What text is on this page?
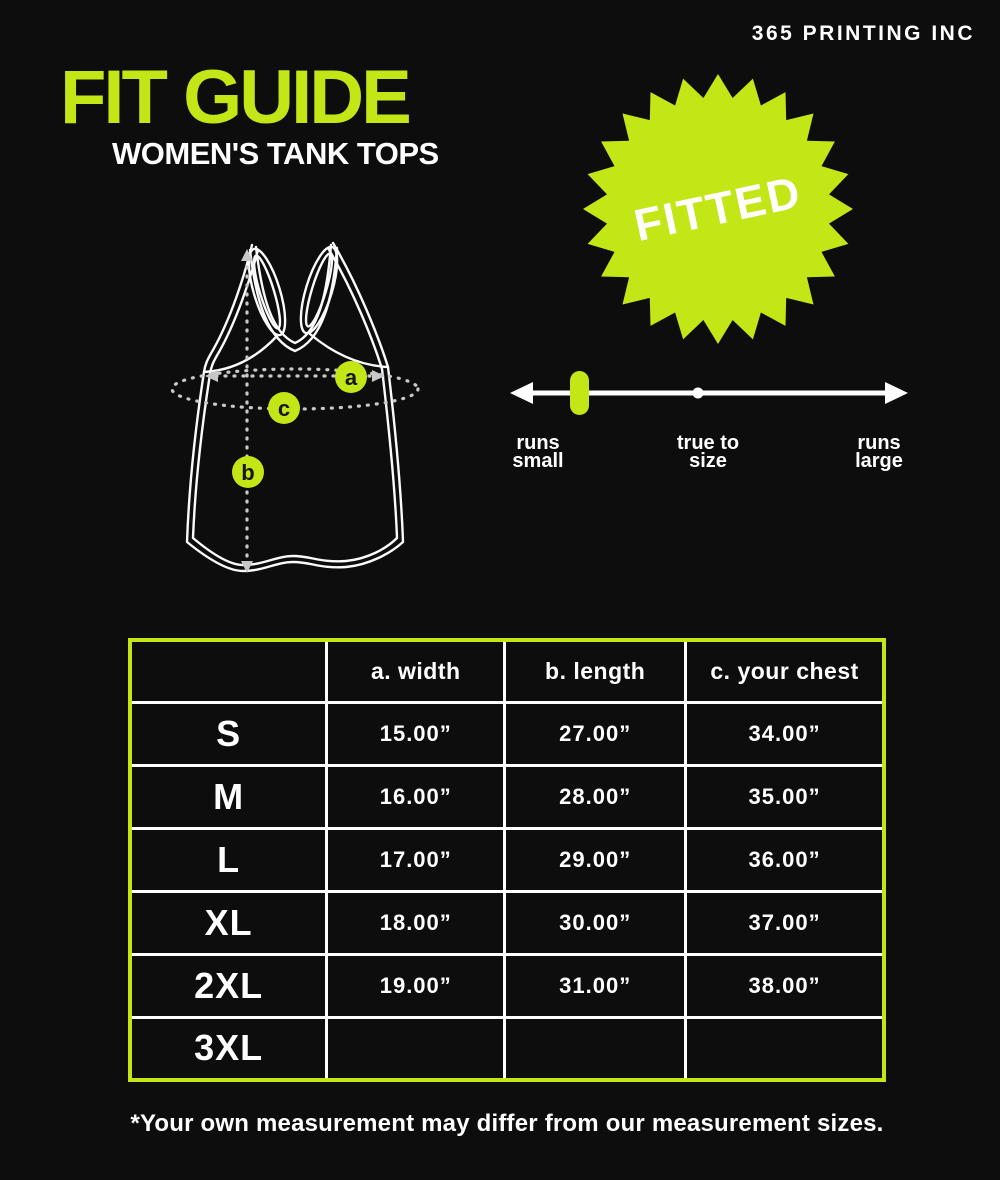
365 PRINTING INC
FIT GUIDE
WOMEN'S TANK TOPS
FITTED
a
c
b
runs
small
true to
size
runs
large
	a. width	b. length	c. your chest
S	15.00”	27.00”	34.00”
M	16.00”	28.00”	35.00”
L	17.00”	29.00”	36.00”
XL	18.00”	30.00”	37.00”
2XL	19.00”	31.00”	38.00”
3XL			
*Your own measurement may differ from our measurement sizes.
